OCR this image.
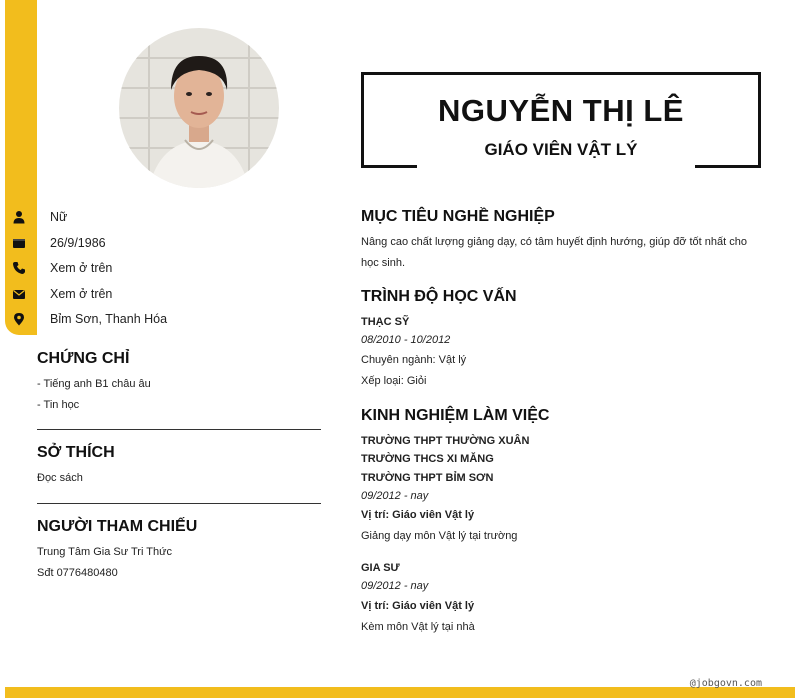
Nữ
26/9/1986
Xem ở trên
Xem ở trên
Bỉm Sơn, Thanh Hóa
CHỨNG CHỈ
- Tiếng anh B1 châu âu
- Tin học
SỞ THÍCH
Đọc sách
NGƯỜI THAM CHIẾU
Trung Tâm Gia Sư Tri Thức
Sđt 0776480480
NGUYỄN THỊ LÊ
GIÁO VIÊN VẬT LÝ
MỤC TIÊU NGHỀ NGHIỆP
Nâng cao chất lượng giảng dạy, có tâm huyết định hướng, giúp đỡ tốt nhất cho
học sinh.
TRÌNH ĐỘ HỌC VẤN
THẠC SỸ
08/2010 - 10/2012
Chuyên ngành: Vật lý
Xếp loại: Giỏi
KINH NGHIỆM LÀM VIỆC
TRƯỜNG THPT THƯỜNG XUÂN
TRƯỜNG THCS XI MĂNG
TRƯỜNG THPT BỈM SƠN
09/2012 - nay
Vị trí: Giáo viên Vật lý
Giảng dạy môn Vật lý tại trường
GIA SƯ
09/2012 - nay
Vị trí: Giáo viên Vật lý
Kèm môn Vật lý tại nhà
@jobgovn.com
